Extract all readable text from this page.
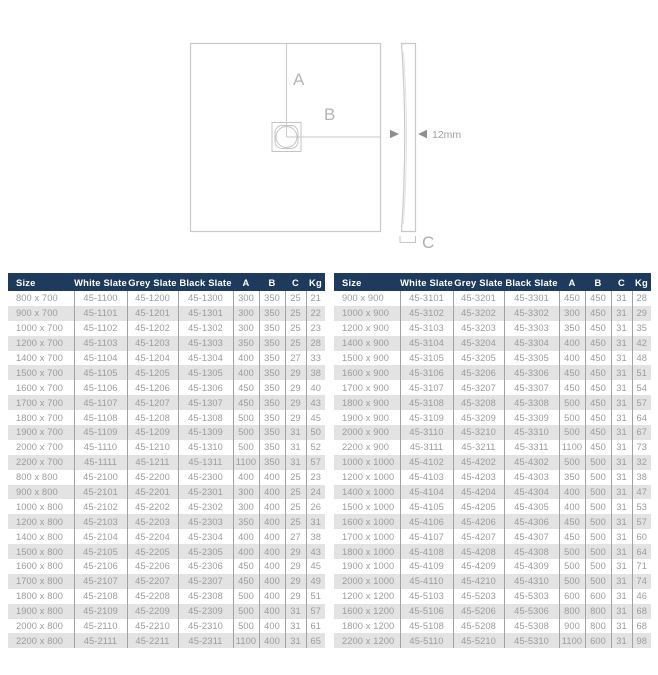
A
B
12mm
C
Size	White Slate	Grey Slate	Black Slate	A	B	C	Kg
800 x 700	45-1100	45-1200	45-1300	300	350	25	21
900 x 700	45-1101	45-1201	45-1301	300	350	25	22
1000 x 700	45-1102	45-1202	45-1302	300	350	25	23
1200 x 700	45-1103	45-1203	45-1303	350	350	25	28
1400 x 700	45-1104	45-1204	45-1304	400	350	27	33
1500 x 700	45-1105	45-1205	45-1305	400	350	29	38
1600 x 700	45-1106	45-1206	45-1306	450	350	29	40
1700 x 700	45-1107	45-1207	45-1307	450	350	29	43
1800 x 700	45-1108	45-1208	45-1308	500	350	29	45
1900 x 700	45-1109	45-1209	45-1309	500	350	31	50
2000 x 700	45-1110	45-1210	45-1310	500	350	31	52
2200 x 700	45-1111	45-1211	45-1311	1100	350	31	57
800 x 800	45-2100	45-2200	45-2300	400	400	25	23
900 x 800	45-2101	45-2201	45-2301	300	400	25	24
1000 x 800	45-2102	45-2202	45-2302	300	400	25	26
1200 x 800	45-2103	45-2203	45-2303	350	400	25	31
1400 x 800	45-2104	45-2204	45-2304	400	400	27	38
1500 x 800	45-2105	45-2205	45-2305	400	400	29	43
1600 x 800	45-2106	45-2206	45-2306	450	400	29	45
1700 x 800	45-2107	45-2207	45-2307	450	400	29	49
1800 x 800	45-2108	45-2208	45-2308	500	400	29	51
1900 x 800	45-2109	45-2209	45-2309	500	400	31	57
2000 x 800	45-2110	45-2210	45-2310	500	400	31	61
2200 x 800	45-2111	45-2211	45-2311	1100	400	31	65
Size	White Slate	Grey Slate	Black Slate	A	B	C	Kg
900 x 900	45-3101	45-3201	45-3301	450	450	31	28
1000 x 900	45-3102	45-3202	45-3302	300	450	31	29
1200 x 900	45-3103	45-3203	45-3303	350	450	31	35
1400 x 900	45-3104	45-3204	45-3304	400	450	31	42
1500 x 900	45-3105	45-3205	45-3305	400	450	31	48
1600 x 900	45-3106	45-3206	45-3306	450	450	31	51
1700 x 900	45-3107	45-3207	45-3307	450	450	31	54
1800 x 900	45-3108	45-3208	45-3308	500	450	31	57
1900 x 900	45-3109	45-3209	45-3309	500	450	31	64
2000 x 900	45-3110	45-3210	45-3310	500	450	31	67
2200 x 900	45-3111	45-3211	45-3311	1100	450	31	73
1000 x 1000	45-4102	45-4202	45-4302	500	500	31	32
1200 x 1000	45-4103	45-4203	45-4303	350	500	31	38
1400 x 1000	45-4104	45-4204	45-4304	400	500	31	47
1500 x 1000	45-4105	45-4205	45-4305	400	500	31	53
1600 x 1000	45-4106	45-4206	45-4306	450	500	31	57
1700 x 1000	45-4107	45-4207	45-4307	450	500	31	60
1800 x 1000	45-4108	45-4208	45-4308	500	500	31	64
1900 x 1000	45-4109	45-4209	45-4309	500	500	31	71
2000 x 1000	45-4110	45-4210	45-4310	500	500	31	74
1200 x 1200	45-5103	45-5203	45-5303	600	600	31	46
1600 x 1200	45-5106	45-5206	45-5306	800	800	31	68
1800 x 1200	45-5108	45-5208	45-5308	900	800	31	68
2200 x 1200	45-5110	45-5210	45-5310	1100	600	31	98
